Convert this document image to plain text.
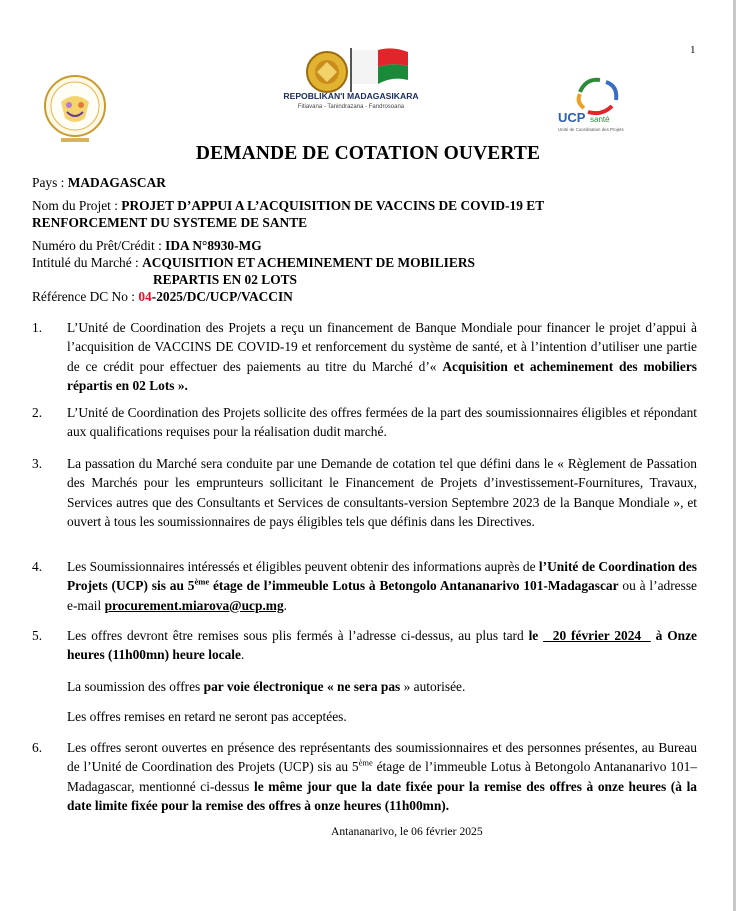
1
REPOBLIKAN'I MADAGASIKARA
Fitiavana - Tanindrazana - Fandrosoana
UCP santé
Unité de Coordination des Projets
DEMANDE DE COTATION OUVERTE
Pays : MADAGASCAR
Nom du Projet : PROJET D’APPUI A L’ACQUISITION DE VACCINS DE COVID-19 ET
RENFORCEMENT DU SYSTEME DE SANTE
Numéro du Prêt/Crédit : IDA N°8930-MG
Intitulé du Marché : ACQUISITION ET ACHEMINEMENT DE MOBILIERS
REPARTIS EN 02 LOTS
Référence DC No : 04-2025/DC/UCP/VACCIN
1. L’Unité de Coordination des Projets a reçu un financement de Banque Mondiale pour financer le projet d’appui à l’acquisition de VACCINS DE COVID-19 et renforcement du système de santé, et à l’intention d’utiliser une partie de ce crédit pour effectuer des paiements au titre du Marché d’« Acquisition et acheminement des mobiliers répartis en 02 Lots ».
2. L’Unité de Coordination des Projets sollicite des offres fermées de la part des soumissionnaires éligibles et répondant aux qualifications requises pour la réalisation dudit marché.
3. La passation du Marché sera conduite par une Demande de cotation tel que défini dans le « Règlement de Passation des Marchés pour les emprunteurs sollicitant le Financement de Projets d’investissement-Fournitures, Travaux, Services autres que des Consultants et Services de consultants-version Septembre 2023 de la Banque Mondiale », et ouvert à tous les soumissionnaires de pays éligibles tels que définis dans les Directives.
4. Les Soumissionnaires intéressés et éligibles peuvent obtenir des informations auprès de l’Unité de Coordination des Projets (UCP) sis au 5ème étage de l’immeuble Lotus à Betongolo Antananarivo 101-Madagascar ou à l’adresse e-mail procurement.miarova@ucp.mg.
5. Les offres devront être remises sous plis fermés à l’adresse ci-dessus, au plus tard le   20 février 2024   à Onze heures (11h00mn) heure locale.
La soumission des offres par voie électronique « ne sera pas » autorisée.
Les offres remises en retard ne seront pas acceptées.
6. Les offres seront ouvertes en présence des représentants des soumissionnaires et des personnes présentes, au Bureau de l’Unité de Coordination des Projets (UCP) sis au 5ème étage de l’immeuble Lotus à Betongolo Antananarivo 101– Madagascar, mentionné ci-dessus le même jour que la date fixée pour la remise des offres à onze heures (à la date limite fixée pour la remise des offres à onze heures (11h00mn).
Antananarivo, le 06 février 2025
